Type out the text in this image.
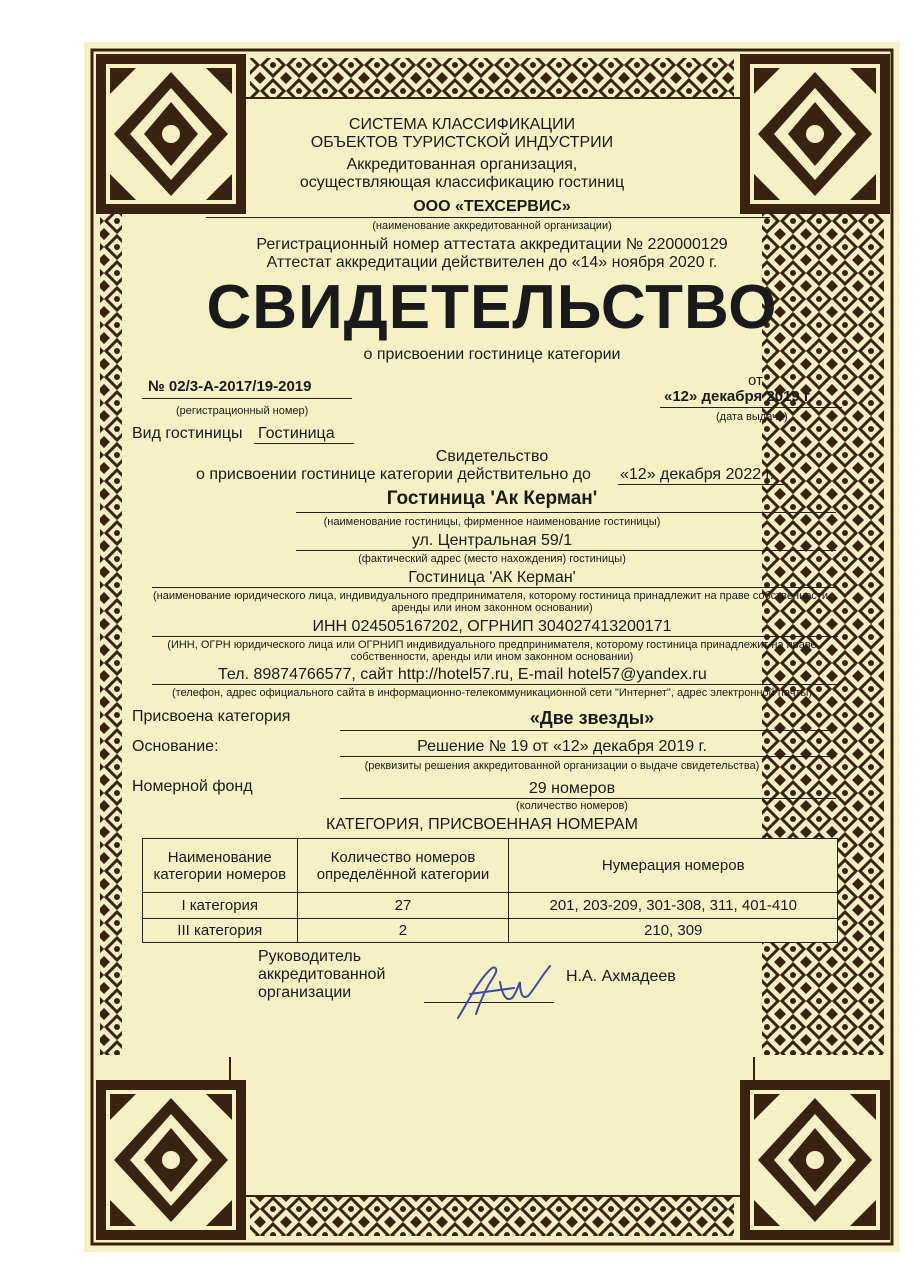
СИСТЕМА КЛАССИФИКАЦИИ
ОБЪЕКТОВ ТУРИСТСКОЙ ИНДУСТРИИ
Аккредитованная организация,
осуществляющая классификацию гостиниц
ООО «ТЕХСЕРВИС»
(наименование аккредитованной организации)
Регистрационный номер аттестата аккредитации № 220000129
Аттестат аккредитации действителен до «14» ноября 2020 г.
СВИДЕТЕЛЬСТВО
о присвоении гостинице категории
№ 02/3-А-2017/19-2019
(регистрационный номер)
от
«12» декабря 2019 г.
(дата выдачи)
Вид гостиницы Гостиница
Свидетельство
о присвоении гостинице категории действительно до «12» декабря 2022 г.
Гостиница 'Ак Керман'
(наименование гостиницы, фирменное наименование гостиницы)
ул. Центральная 59/1
(фактический адрес (место нахождения) гостиницы)
Гостиница 'АК Керман'
(наименование юридического лица, индивидуального предпринимателя, которому гостиница принадлежит на праве собственности,
аренды или ином законном основании)
ИНН 024505167202, ОГРНИП 304027413200171
(ИНН, ОГРН юридического лица или ОГРНИП индивидуального предпринимателя, которому гостиница принадлежит на праве
собственности, аренды или ином законном основании)
Тел. 89874766577, сайт http://hotel57.ru, E-mail hotel57@yandex.ru
(телефон, адрес официального сайта в информационно-телекоммуникационной сети "Интернет", адрес электронной почты)
Присвоена категория	«Две звезды»
Основание:	Решение № 19 от «12» декабря 2019 г.
(реквизиты решения аккредитованной организации о выдаче свидетельства)
Номерной фонд	29 номеров
(количество номеров)
КАТЕГОРИЯ, ПРИСВОЕННАЯ НОМЕРАМ
Наименование категории номеров	Количество номеров определённой категории	Нумерация номеров
I категория	27	201, 203-209, 301-308, 311, 401-410
III категория	2	210, 309
Руководитель
аккредитованной
организации
Н.А. Ахмадеев
